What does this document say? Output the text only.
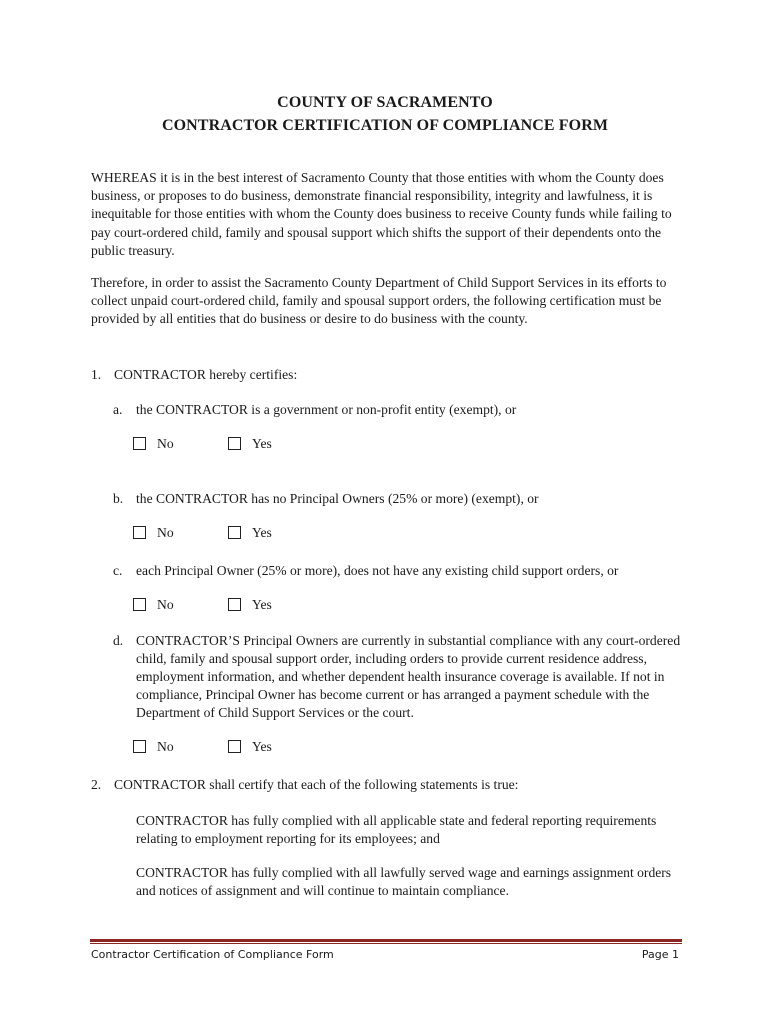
COUNTY OF SACRAMENTO
CONTRACTOR CERTIFICATION OF COMPLIANCE FORM
WHEREAS it is in the best interest of Sacramento County that those entities with whom the County does business, or proposes to do business, demonstrate financial responsibility, integrity and lawfulness, it is inequitable for those entities with whom the County does business to receive County funds while failing to pay court-ordered child, family and spousal support which shifts the support of their dependents onto the public treasury.
Therefore, in order to assist the Sacramento County Department of Child Support Services in its efforts to collect unpaid court-ordered child, family and spousal support orders, the following certification must be provided by all entities that do business or desire to do business with the county.
1. CONTRACTOR hereby certifies:
a. the CONTRACTOR is a government or non-profit entity (exempt), or
No	Yes
b. the CONTRACTOR has no Principal Owners (25% or more) (exempt), or
No	Yes
c. each Principal Owner (25% or more), does not have any existing child support orders, or
No	Yes
d. CONTRACTOR’S Principal Owners are currently in substantial compliance with any court-ordered child, family and spousal support order, including orders to provide current residence address, employment information, and whether dependent health insurance coverage is available. If not in compliance, Principal Owner has become current or has arranged a payment schedule with the Department of Child Support Services or the court.
No	Yes
2. CONTRACTOR shall certify that each of the following statements is true:
CONTRACTOR has fully complied with all applicable state and federal reporting requirements relating to employment reporting for its employees; and
CONTRACTOR has fully complied with all lawfully served wage and earnings assignment orders and notices of assignment and will continue to maintain compliance.
Contractor Certification of Compliance Form	Page 1
